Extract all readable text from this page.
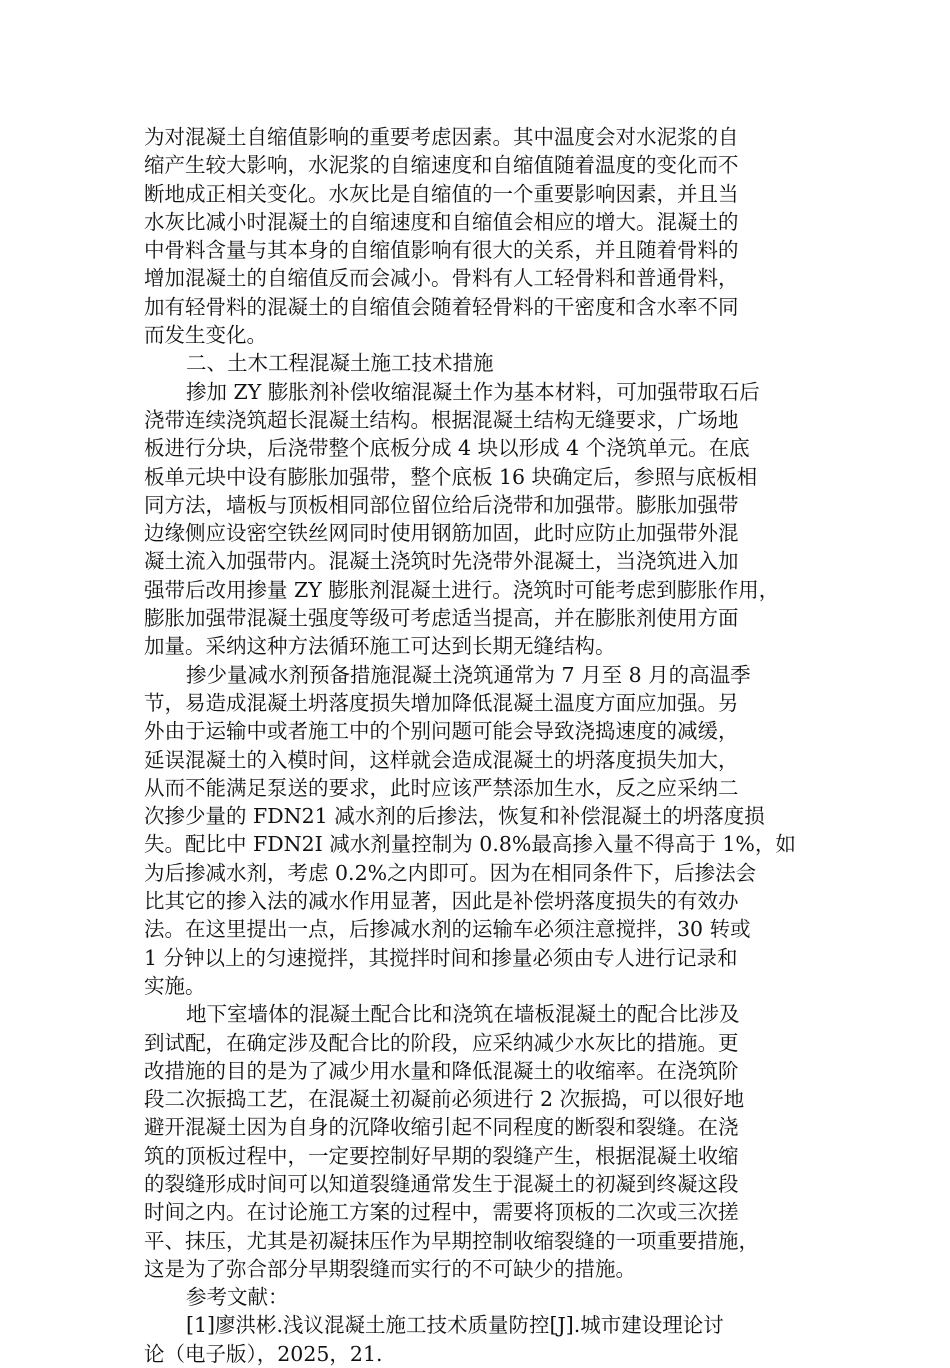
为对混凝土自缩值影响的重要考虑因素。其中温度会对水泥浆的自
缩产生较大影响，水泥浆的自缩速度和自缩值随着温度的变化而不
断地成正相关变化。水灰比是自缩值的一个重要影响因素，并且当
水灰比减小时混凝土的自缩速度和自缩值会相应的增大。混凝土的
中骨料含量与其本身的自缩值影响有很大的关系，并且随着骨料的
增加混凝土的自缩值反而会减小。骨料有人工轻骨料和普通骨料，
加有轻骨料的混凝土的自缩值会随着轻骨料的干密度和含水率不同
而发生变化。
二、土木工程混凝土施工技术措施
掺加 ZY 膨胀剂补偿收缩混凝土作为基本材料，可加强带取石后
浇带连续浇筑超长混凝土结构。根据混凝土结构无缝要求，广场地
板进行分块，后浇带整个底板分成 4 块以形成 4 个浇筑单元。在底
板单元块中设有膨胀加强带，整个底板 16 块确定后，参照与底板相
同方法，墙板与顶板相同部位留位给后浇带和加强带。膨胀加强带
边缘侧应设密空铁丝网同时使用钢筋加固，此时应防止加强带外混
凝土流入加强带内。混凝土浇筑时先浇带外混凝土，当浇筑进入加
强带后改用掺量 ZY 膨胀剂混凝土进行。浇筑时可能考虑到膨胀作用，
膨胀加强带混凝土强度等级可考虑适当提高，并在膨胀剂使用方面
加量。采纳这种方法循环施工可达到长期无缝结构。
掺少量减水剂预备措施混凝土浇筑通常为 7 月至 8 月的高温季
节，易造成混凝土坍落度损失增加降低混凝土温度方面应加强。另
外由于运输中或者施工中的个别问题可能会导致浇捣速度的减缓，
延误混凝土的入模时间，这样就会造成混凝土的坍落度损失加大，
从而不能满足泵送的要求，此时应该严禁添加生水，反之应采纳二
次掺少量的 FDN21 减水剂的后掺法，恢复和补偿混凝土的坍落度损
失。配比中 FDN2I 减水剂量控制为 0.8%最高掺入量不得高于 1%，如
为后掺减水剂，考虑 0.2%之内即可。因为在相同条件下，后掺法会
比其它的掺入法的减水作用显著，因此是补偿坍落度损失的有效办
法。在这里提出一点，后掺减水剂的运输车必须注意搅拌，30 转或
1 分钟以上的匀速搅拌，其搅拌时间和掺量必须由专人进行记录和
实施。
地下室墙体的混凝土配合比和浇筑在墙板混凝土的配合比涉及
到试配，在确定涉及配合比的阶段，应采纳减少水灰比的措施。更
改措施的目的是为了减少用水量和降低混凝土的收缩率。在浇筑阶
段二次振捣工艺，在混凝土初凝前必须进行 2 次振捣，可以很好地
避开混凝土因为自身的沉降收缩引起不同程度的断裂和裂缝。在浇
筑的顶板过程中，一定要控制好早期的裂缝产生，根据混凝土收缩
的裂缝形成时间可以知道裂缝通常发生于混凝土的初凝到终凝这段
时间之内。在讨论施工方案的过程中，需要将顶板的二次或三次搓
平、抹压，尤其是初凝抹压作为早期控制收缩裂缝的一项重要措施，
这是为了弥合部分早期裂缝而实行的不可缺少的措施。
参考文献：
[1]廖洪彬.浅议混凝土施工技术质量防控[J].城市建设理论讨
论（电子版），2025，21.
